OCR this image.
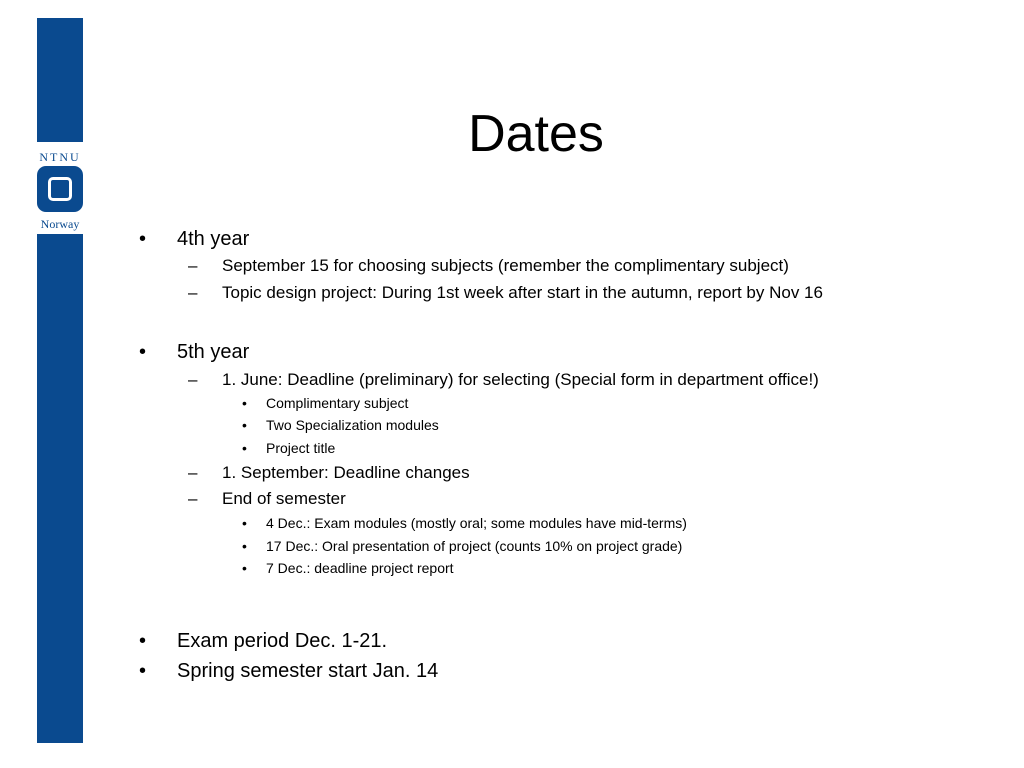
NTNU
Norway
Dates
• 4th year
– September 15 for choosing subjects (remember the complimentary subject)
– Topic design project: During 1st week after start in the autumn, report by Nov 16
• 5th year
– 1. June: Deadline (preliminary) for selecting (Special form in department office!)
• Complimentary subject
• Two Specialization modules
• Project title
– 1. September: Deadline changes
– End of semester
• 4 Dec.: Exam modules (mostly oral; some modules have mid-terms)
• 17 Dec.: Oral presentation of project (counts 10% on project grade)
• 7 Dec.: deadline project report
• Exam period Dec. 1-21.
• Spring semester start Jan. 14
